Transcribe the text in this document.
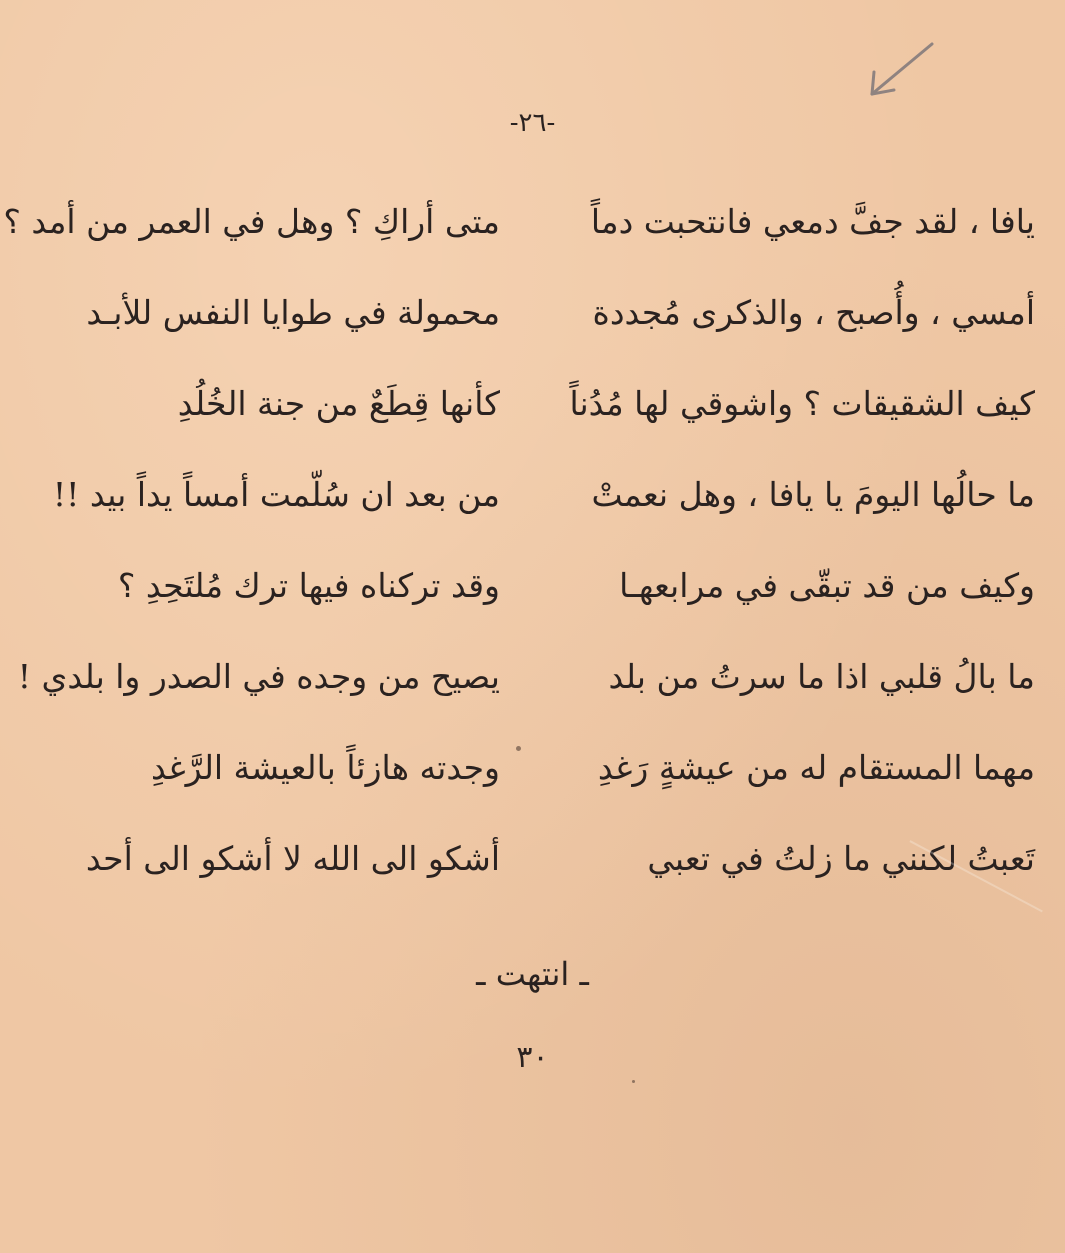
-٢٦-
يافا ، لقد جفَّ دمعي فانتحبت دماً
متى أراكِ ؟ وهل في العمر من أمد ؟
أمسي ، وأُصبح ، والذكرى مُجددة
محمولة في طوايا النفس للأبـد
كيف الشقيقات ؟ واشوقي لها مُدُناً
كأنها قِطَعٌ من جنة الخُلُدِ
ما حالُها اليومَ يا يافا ، وهل نعمتْ
من بعد ان سُلّمت أمساً يداً بيد !!
وكيف من قد تبقّى في مرابعهـا
وقد تركناه فيها ترك مُلتَحِدِ ؟
ما بالُ قلبي اذا ما سرتُ من بلد
يصيح من وجده في الصدر وا بلدي !
مهما المستقام له من عيشةٍ رَغدِ
وجدته هازئاً بالعيشة الرَّغدِ
تَعبتُ لكنني ما زلتُ في تعبي
أشكو الى الله لا أشكو الى أحد
ـ انتهت ـ
٣٠
